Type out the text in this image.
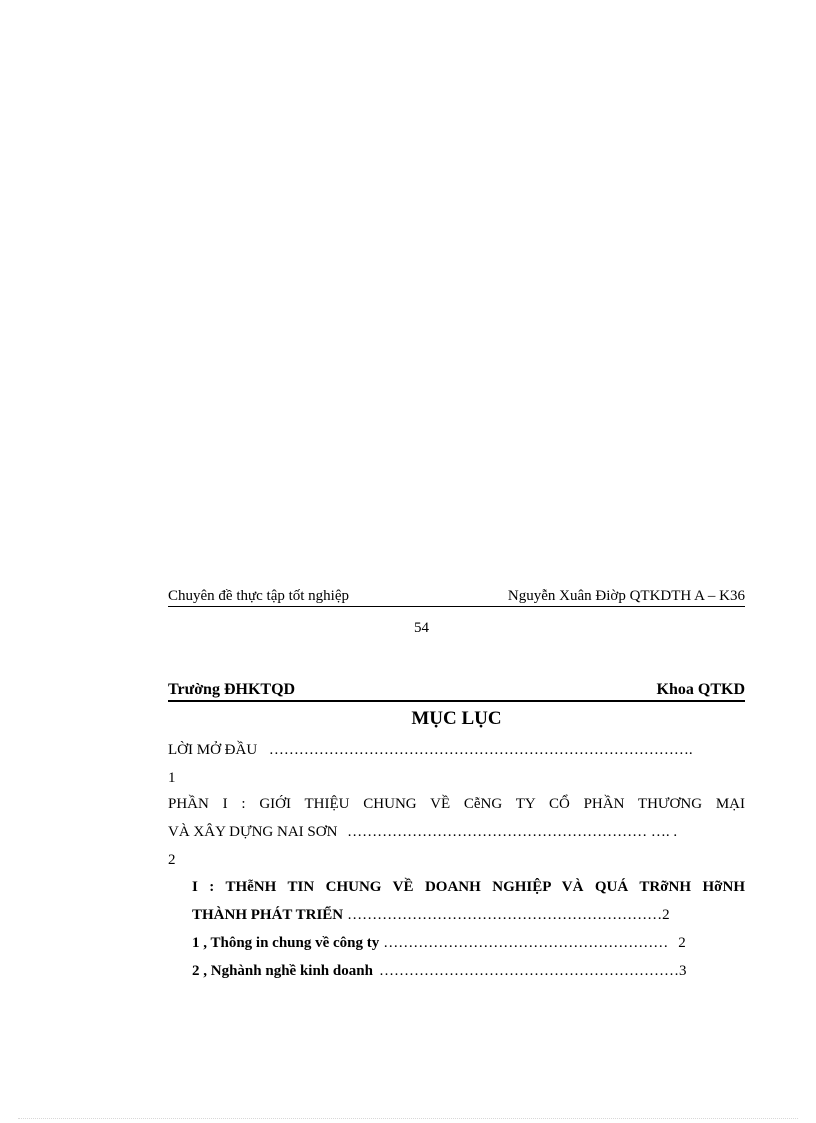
Chuyên đề thực tập tốt nghiệp	Nguyễn Xuân Điờp QTKDTH A – K36
54
Trường ĐHKTQD	Khoa QTKD
MỤC LỤC
LỜI MỞ ĐẦU ………………………………………………………………………….
1
PHẦN I : GIỚI THIỆU CHUNG VỀ CễNG TY CỔ PHẦN THƯƠNG MẠI
VÀ XÂY DỰNG NAI SƠN …………………………………………………… …. .
2
I : THễNH TIN CHUNG VỀ DOANH NGHIỆP VÀ QUÁ TRỡNH HỡNH
THÀNH PHÁT TRIỂN ………………………………………………………2
1 , Thông in chung về công ty ………………………………………………… 2
2 , Nghành nghề kinh doanh ……………………………………………………3
